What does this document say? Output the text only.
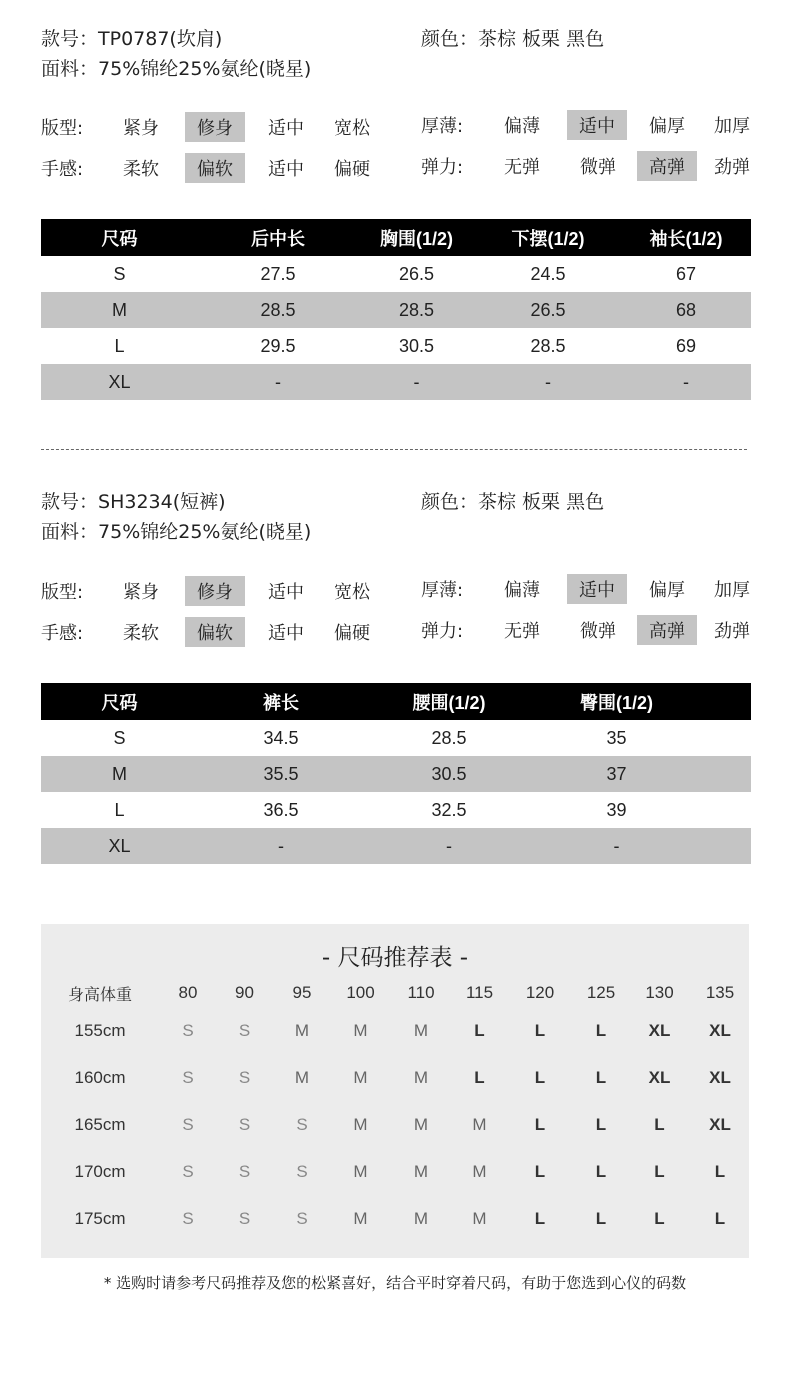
款号：TP0787(坎肩)	颜色：茶棕 板栗 黑色
面料：75%锦纶25%氨纶(晓星)
版型: 紧身	修身	适中 宽松	厚薄: 偏薄	适中	偏厚 加厚
手感: 柔软	偏软	适中 偏硬	弹力: 无弹 微弹	高弹	劲弹
尺码	后中长	胸围(1/2)	下摆(1/2)	袖长(1/2)
S	27.5	26.5	24.5	67
M	28.5	28.5	26.5	68
L	29.5	30.5	28.5	69
XL	-	-	-	-
款号：SH3234(短裤)	颜色：茶棕 板栗 黑色
面料：75%锦纶25%氨纶(晓星)
版型: 紧身	修身	适中 宽松	厚薄: 偏薄	适中	偏厚 加厚
手感: 柔软	偏软	适中 偏硬	弹力: 无弹 微弹	高弹	劲弹
尺码	裤长	腰围(1/2)	臀围(1/2)	
S	34.5	28.5	35	
M	35.5	30.5	37	
L	36.5	32.5	39	
XL	-	-	-	
- 尺码推荐表 -
身高体重	80	90	95	100	110	115	120	125	130	135
155cm	S	S	M	M	M	L	L	L	XL	XL
160cm	S	S	M	M	M	L	L	L	XL	XL
165cm	S	S	S	M	M	M	L	L	L	XL
170cm	S	S	S	M	M	M	L	L	L	L
175cm	S	S	S	M	M	M	L	L	L	L
* 选购时请参考尺码推荐及您的松紧喜好，结合平时穿着尺码，有助于您选到心仪的码数
